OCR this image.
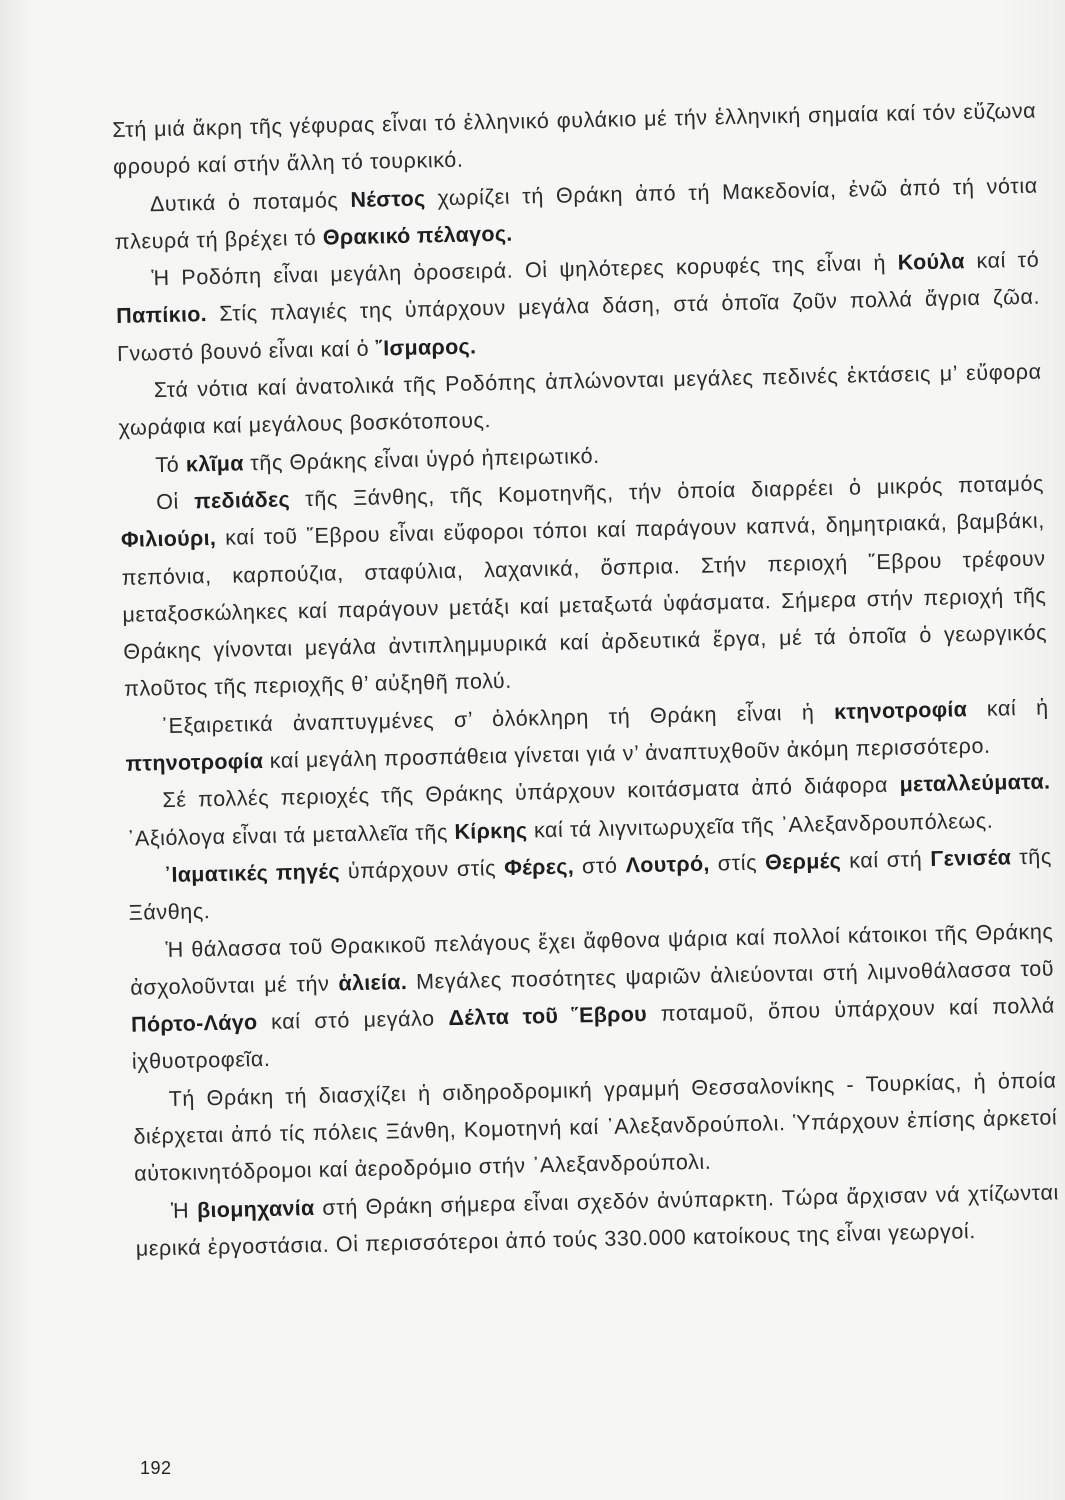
Στή μιά ἄκρη τῆς γέφυρας εἶναι τό ἑλληνικό φυλάκιο μέ τήν ἑλληνική σημαία καί τόν εὔζωνα φρουρό καί στήν ἄλλη τό τουρκικό.

Δυτικά ὁ ποταμός Νέστος χωρίζει τή Θράκη ἀπό τή Μακεδονία, ἐνῶ ἀπό τή νότια πλευρά τή βρέχει τό Θρακικό πέλαγος.

Ἡ Ροδόπη εἶναι μεγάλη ὀροσειρά. Οἱ ψηλότερες κορυφές της εἶναι ἡ Κούλα καί τό Παπίκιο. Στίς πλαγιές της ὑπάρχουν μεγάλα δάση, στά ὁποῖα ζοῦν πολλά ἄγρια ζῶα. Γνωστό βουνό εἶναι καί ὁ ῎Ισμαρος.

Στά νότια καί ἀνατολικά τῆς Ροδόπης ἁπλώνονται μεγάλες πεδινές ἐκτάσεις μ’ εὔφορα χωράφια καί μεγάλους βοσκότοπους.

Τό κλῖμα τῆς Θράκης εἶναι ὑγρό ἠπειρωτικό.

Οἱ πεδιάδες τῆς Ξάνθης, τῆς Κομοτηνῆς, τήν ὁποία διαρρέει ὁ μικρός ποταμός Φιλιούρι, καί τοῦ ῞Εβρου εἶναι εὔφοροι τόποι καί παράγουν καπνά, δημητριακά, βαμβάκι, πεπόνια, καρπούζια, σταφύλια, λαχανικά, ὄσπρια. Στήν περιοχή ῞Εβρου τρέφουν μεταξοσκώληκες καί παράγουν μετάξι καί μεταξωτά ὑφάσματα. Σήμερα στήν περιοχή τῆς Θράκης γίνονται μεγάλα ἀντιπλημμυρικά καί ἀρδευτικά ἔργα, μέ τά ὁποῖα ὁ γεωργικός πλοῦτος τῆς περιοχῆς θ’ αὐξηθῆ πολύ.

᾿Εξαιρετικά ἀναπτυγμένες σ’ ὁλόκληρη τή Θράκη εἶναι ἡ κτηνοτροφία καί ἡ πτηνοτροφία καί μεγάλη προσπάθεια γίνεται γιά ν’ ἀναπτυχθοῦν ἀκόμη περισσότερο.

Σέ πολλές περιοχές τῆς Θράκης ὑπάρχουν κοιτάσματα ἀπό διάφορα μεταλλεύματα. ᾿Αξιόλογα εἶναι τά μεταλλεῖα τῆς Κίρκης καί τά λιγνιτωρυχεῖα τῆς ᾿Αλεξανδρουπόλεως.

᾿Ιαματικές πηγές ὑπάρχουν στίς Φέρες, στό Λουτρό, στίς Θερμές καί στή Γενισέα τῆς Ξάνθης.

Ἡ θάλασσα τοῦ Θρακικοῦ πελάγους ἔχει ἄφθονα ψάρια καί πολλοί κάτοικοι τῆς Θράκης ἀσχολοῦνται μέ τήν ἁλιεία. Μεγάλες ποσότητες ψαριῶν ἁλιεύονται στή λιμνοθάλασσα τοῦ Πόρτο-Λάγο καί στό μεγάλο Δέλτα τοῦ ῞Εβρου ποταμοῦ, ὅπου ὑπάρχουν καί πολλά ἰχθυοτροφεῖα.

Τή Θράκη τή διασχίζει ἡ σιδηροδρομική γραμμή Θεσσαλονίκης - Τουρκίας, ἡ ὁποία διέρχεται ἀπό τίς πόλεις Ξάνθη, Κομοτηνή καί ᾿Αλεξανδρούπολι. Ὑπάρχουν ἐπίσης ἀρκετοί αὐτοκινητόδρομοι καί ἀεροδρόμιο στήν ᾿Αλεξανδρούπολι.

Ἡ βιομηχανία στή Θράκη σήμερα εἶναι σχεδόν ἀνύπαρκτη. Τώρα ἄρχισαν νά χτίζωνται μερικά ἐργοστάσια. Οἱ περισσότεροι ἀπό τούς 330.000 κατοίκους της εἶναι γεωργοί.

192
